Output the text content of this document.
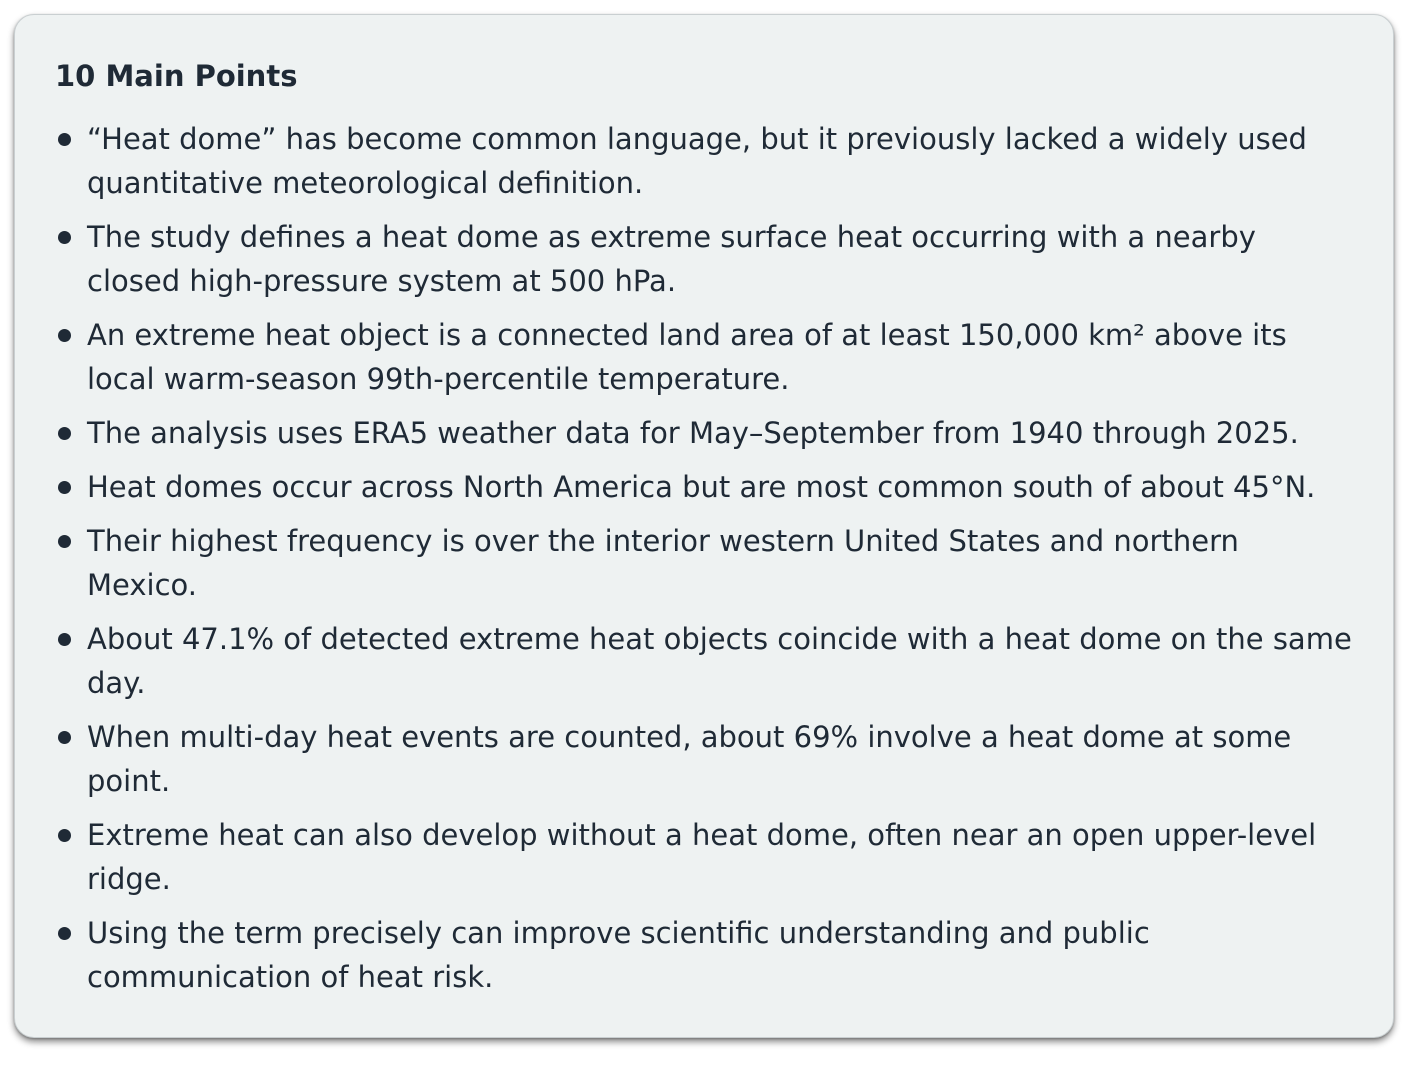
10 Main Points
“Heat dome” has become common language, but it previously lacked a widely used quantitative meteorological definition.
The study defines a heat dome as extreme surface heat occurring with a nearby closed high-pressure system at 500 hPa.
An extreme heat object is a connected land area of at least 150,000 km² above its local warm-season 99th-percentile temperature.
The analysis uses ERA5 weather data for May–September from 1940 through 2025.
Heat domes occur across North America but are most common south of about 45°N.
Their highest frequency is over the interior western United States and northern Mexico.
About 47.1% of detected extreme heat objects coincide with a heat dome on the same day.
When multi-day heat events are counted, about 69% involve a heat dome at some point.
Extreme heat can also develop without a heat dome, often near an open upper-level ridge.
Using the term precisely can improve scientific understanding and public communication of heat risk.
